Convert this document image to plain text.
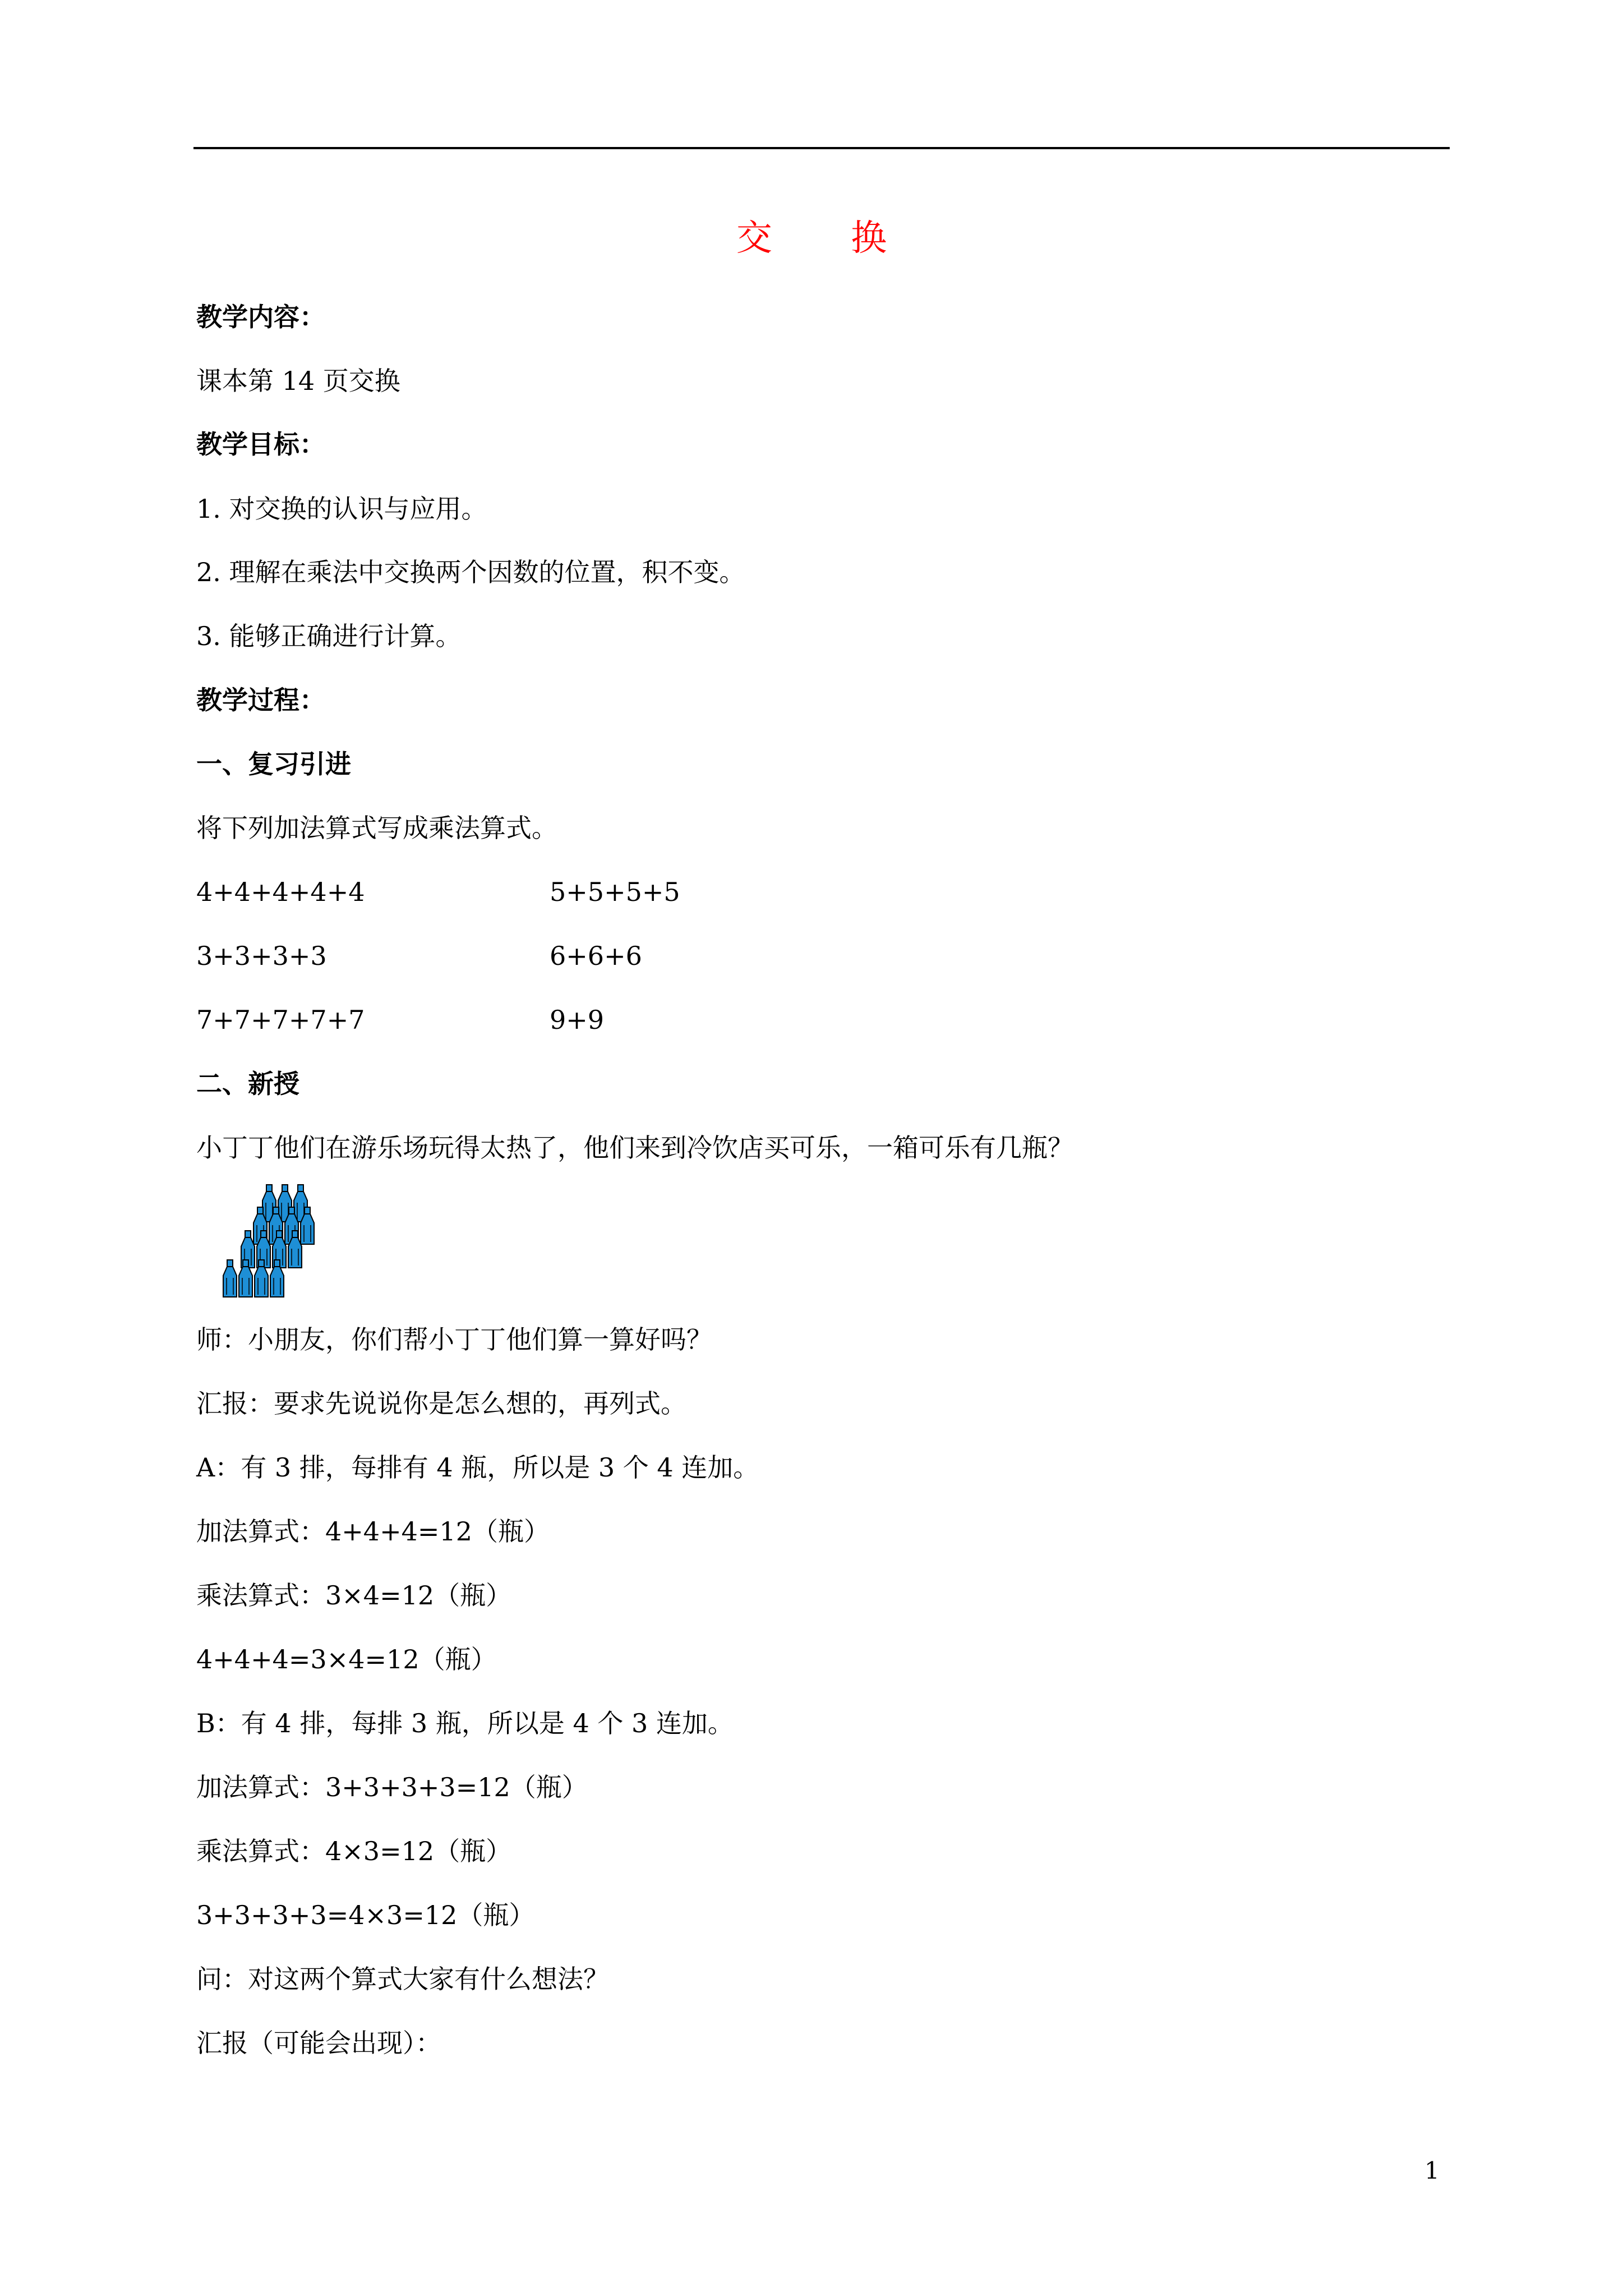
交 换
教学内容：
课本第 14 页交换
教学目标：
1. 对交换的认识与应用。
2. 理解在乘法中交换两个因数的位置，积不变。
3. 能够正确进行计算。
教学过程：
一、复习引进
将下列加法算式写成乘法算式。
4+4+4+4+4	5+5+5+5
3+3+3+3	6+6+6
7+7+7+7+7	9+9
二、新授
小丁丁他们在游乐场玩得太热了，他们来到冷饮店买可乐，一箱可乐有几瓶？
师：小朋友，你们帮小丁丁他们算一算好吗？
汇报：要求先说说你是怎么想的，再列式。
A：有 3 排，每排有 4 瓶，所以是 3 个 4 连加。
加法算式：4+4+4=12（瓶）
乘法算式：3×4=12（瓶）
4+4+4=3×4=12（瓶）
B：有 4 排，每排 3 瓶，所以是 4 个 3 连加。
加法算式：3+3+3+3=12（瓶）
乘法算式：4×3=12（瓶）
3+3+3+3=4×3=12（瓶）
问：对这两个算式大家有什么想法？
汇报（可能会出现）：
1
